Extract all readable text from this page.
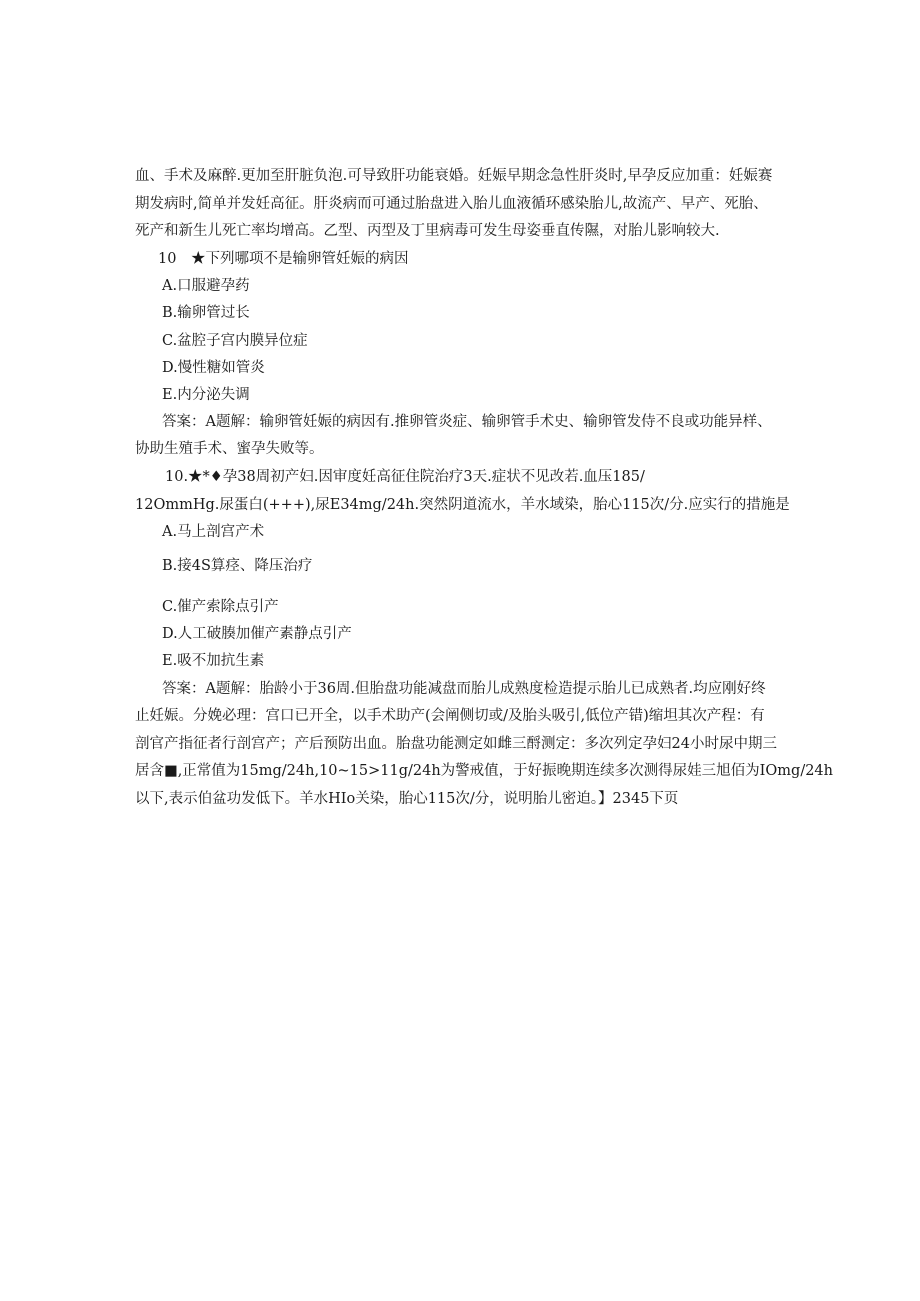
血、手术及麻醉.更加至肝脏负泡.可导致肝功能衰婚。妊娠早期念急性肝炎时,早孕反应加重：妊娠赛
期发病时,简单并发妊高征。肝炎病而可通过胎盘进入胎儿血液循环感染胎儿,故流产、早产、死胎、
死产和新生儿死亡率均增高。乙型、丙型及丁里病毒可发生母姿垂直传隰，对胎儿影响较大.
10　★下列哪项不是输卵管妊娠的病因
A.口服避孕药
B.输卵管过长
C.盆腔子宫内膜异位症
D.慢性糖如管炎
E.内分泌失调
答案：A题解：输卵管妊娠的病因有.推卵管炎症、输卵管手术史、输卵管发侍不良或功能异样、
协助生殖手术、蜜孕失败等。
10.★*♦孕38周初产妇.因审度妊高征住院治疗3天.症状不见改若.血压185/
12OmmHg.尿蛋白(+++),尿E34mg/24h.突然阴道流水，羊水域染，胎心115次/分.应实行的措施是
A.马上剖宫产术
B.接4S算痉、降压治疗
C.催产索除点引产
D.人工破腠加催产素静点引产
E.吸不加抗生素
答案：A题解：胎龄小于36周.但胎盘功能减盘而胎儿成熟度检造提示胎儿已成熟者.均应刚好终
止妊娠。分娩必理：宫口已开全，以手术助产(会阐侧切或/及胎头吸引,低位产错)缩坦其次产程：有
剖官产指征者行剖宫产；产后预防出血。胎盘功能测定如雌三酹测定：多次列定孕妇24小时尿中期三
居含■,正常值为15mg/24h,10~15>11g/24h为警戒值，于好振晚期连续多次测得尿娃三旭佰为IOmg/24h
以下,表示伯盆功发低下。羊水HIo关染，胎心115次/分，说明胎儿密迫。】2345下页
